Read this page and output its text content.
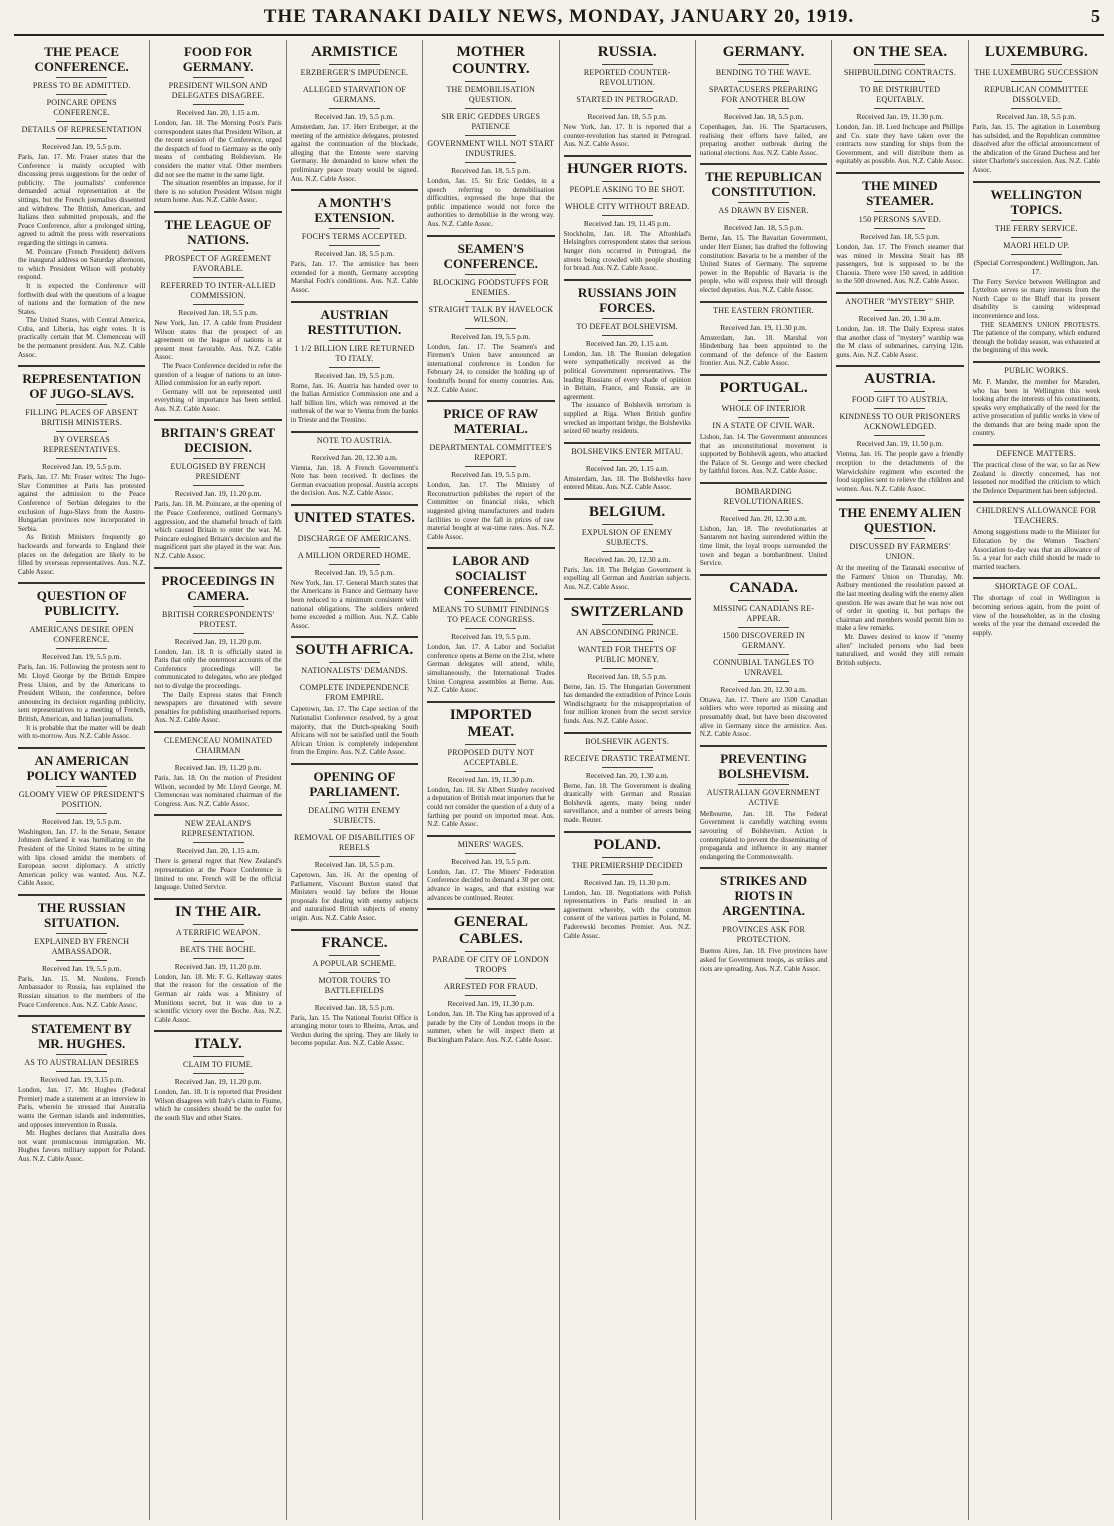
THE TARANAKI DAILY NEWS, MONDAY, JANUARY 20, 1919.	5
THE PEACE CONFERENCE.
PRESS TO BE ADMITTED.
POINCARE OPENS CONFERENCE.
DETAILS OF REPRESENTATION
Received Jan. 19, 5.5 p.m.

Paris, Jan. 17. Mr. Fraser states that the Conference is mainly occupied with discussing press suggestions for the order of publicity. The journalists' conference demanded actual representation at the sittings, but the French journalists dissented and withdrew. The British, American, and Italians then submitted proposals, and the Peace Conference, after a prolonged sitting, agreed to admit the press with reservations regarding the sittings in camera.

M. Poincare (French President) delivers the inaugural address on Saturday afternoon, to which President Wilson will probably respond.

It is expected the Conference will forthwith deal with the questions of a league of nations and the formation of the new States.

The United States, with Central America, Cuba, and Liberia, has eight votes. It is practically certain that M. Clemenceau will be the permanent president. Aus. N.Z. Cable Assoc.

REPRESENTATION OF JUGO-SLAVS.
FILLING PLACES OF ABSENT BRITISH MINISTERS.
BY OVERSEAS REPRESENTATIVES.
Received Jan. 19, 5.5 p.m.

Paris, Jan. 17. Mr. Fraser writes: The Jugo-Slav Committee at Paris has protested against the admission to the Peace Conference of Serbian delegates to the exclusion of Jugo-Slavs from the Austro-Hungarian provinces now incorporated in Serbia.

As British Ministers frequently go backwards and forwards to England their places on the delegation are likely to be filled by overseas representatives. Aus. N.Z. Cable Assoc.

QUESTION OF PUBLICITY.
AMERICANS DESIRE OPEN CONFERENCE.
Received Jan. 19, 5.5 p.m.

Paris, Jan. 16. Following the protests sent to Mr. Lloyd George by the British Empire Press Union, and by the Americans to President Wilson, the conference, before announcing its decision regarding publicity, sent representatives to a meeting of French, British, American, and Italian journalists.

It is probable that the matter will be dealt with to-morrow. Aus. N.Z. Cable Assoc.

AN AMERICAN POLICY WANTED
GLOOMY VIEW OF PRESIDENT'S POSITION.
Received Jan. 19, 5.5 p.m.

Washington, Jan. 17. In the Senate, Senator Johnson declared it was humiliating to the President of the United States to be sitting with lips closed amidst the members of European secret diplomacy. A strictly American policy was wanted. Aus. N.Z. Cable Assoc.

THE RUSSIAN SITUATION.
EXPLAINED BY FRENCH AMBASSADOR.
Received Jan. 19, 5.5 p.m.

Paris, Jan. 15. M. Noulens, French Ambassador to Russia, has explained the Russian situation to the members of the Peace Conference. Aus. N.Z. Cable Assoc.

STATEMENT BY MR. HUGHES.
AS TO AUSTRALIAN DESIRES
Received Jan. 19, 3.15 p.m.

London, Jan. 17. Mr. Hughes (Federal Premier) made a statement at an interview in Paris, wherein he stressed that Australia wants the German islands and indemnities, and opposes intervention in Russia.

Mr. Hughes declares that Australia does not want promiscuous immigration. Mr. Hughes favors military support for Poland. Aus. N.Z. Cable Assoc.

FOOD FOR GERMANY.
PRESIDENT WILSON AND DELEGATES DISAGREE.
Received Jan. 20, 1.15 a.m.

London, Jan. 18. The Morning Post's Paris correspondent states that President Wilson, at the recent session of the Conference, urged the despatch of food to Germany as the only means of combating Bolshevism. He considers the matter vital. Other members did not see the matter in the same light.

The situation resembles an impasse, for if there is no solution President Wilson might return home. Aus. N.Z. Cable Assoc.

THE LEAGUE OF NATIONS.
PROSPECT OF AGREEMENT FAVORABLE.
REFERRED TO INTER-ALLIED COMMISSION.
Received Jan. 18, 5.5 p.m.

New York, Jan. 17. A cable from President Wilson states that the prospect of an agreement on the league of nations is at present most favorable. Aus. N.Z. Cable Assoc.

The Peace Conference decided to refer the question of a league of nations to an inter-Allied commission for an early report.

Germany will not be represented until everything of importance has been settled. Aus. N.Z. Cable Assoc.

BRITAIN'S GREAT DECISION.
EULOGISED BY FRENCH PRESIDENT
Received Jan. 19, 11.20 p.m.

Paris, Jan. 18. M. Poincare, at the opening of the Peace Conference, outlined Germany's aggression, and the shameful breach of faith which caused Britain to enter the war. M. Poincare eulogised Britain's decision and the magnificent part she played in the war. Aus. N.Z. Cable Assoc.

PROCEEDINGS IN CAMERA.
BRITISH CORRESPONDENTS' PROTEST.
Received Jan. 19, 11.20 p.m.

London, Jan. 18. It is officially stated in Paris that only the outermost accounts of the Conference proceedings will be communicated to delegates, who are pledged not to divulge the proceedings.

The Daily Express states that French newspapers are threatened with severe penalties for publishing unauthorised reports. Aus. N.Z. Cable Assoc.

CLEMENCEAU NOMINATED CHAIRMAN
Received Jan. 19, 11.20 p.m.

Paris, Jan. 18. On the motion of President Wilson, seconded by Mr. Lloyd George, M. Clemenceau was nominated chairman of the Congress. Aus. N.Z. Cable Assoc.

NEW ZEALAND'S REPRESENTATION.
Received Jan. 20, 1.15 a.m.

There is general regret that New Zealand's representation at the Peace Conference is limited to one. French will be the official language. United Service.

IN THE AIR.
A TERRIFIC WEAPON.
BEATS THE BOCHE.
Received Jan. 19, 11.20 p.m.

London, Jan. 18. Mr. F. G. Kellaway states that the reason for the cessation of the German air raids was a Ministry of Munitions secret, but it was due to a scientific victory over the Boche. Aus. N.Z. Cable Assoc.

ITALY.
CLAIM TO FIUME.
Received Jan. 19, 11.20 p.m.

London, Jan. 18. It is reported that President Wilson disagrees with Italy's claim to Fiume, which he considers should be the outlet for the south Slav and other States.

ARMISTICE
ERZBERGER'S IMPUDENCE.
ALLEGED STARVATION OF GERMANS.
Received Jan. 19, 5.5 p.m.

Amsterdam, Jan. 17. Herr Erzberger, at the meeting of the armistice delegates, protested against the continuation of the blockade, alleging that the Entente were starving Germany. He demanded to know when the preliminary peace treaty would be signed. Aus. N.Z. Cable Assoc.

A MONTH'S EXTENSION.
FOCH'S TERMS ACCEPTED.
Received Jan. 18, 5.5 p.m.

Paris, Jan. 17. The armistice has been extended for a month, Germany accepting Marshal Foch's conditions. Aus. N.Z. Cable Assoc.

AUSTRIAN RESTITUTION.
1 1/2 BILLION LIRE RETURNED TO ITALY.
Received Jan. 19, 5.5 p.m.

Rome, Jan. 16. Austria has handed over to the Italian Armistice Commission one and a half billion lire, which was removed at the outbreak of the war to Vienna from the banks in Trieste and the Trentino.

NOTE TO AUSTRIA.
Received Jan. 20, 12.30 a.m.

Vienna, Jan. 18. A French Government's Note has been received. It declines the German evacuation proposal. Austria accepts the decision. Aus. N.Z. Cable Assoc.

UNITED STATES.
DISCHARGE OF AMERICANS.
A MILLION ORDERED HOME.
Received Jan. 19, 5.5 p.m.

New York, Jan. 17. General March states that the Americans in France and Germany have been reduced to a minimum consistent with national obligations. The soldiers ordered home exceeded a million. Aus. N.Z. Cable Assoc.

SOUTH AFRICA.
NATIONALISTS' DEMANDS.
COMPLETE INDEPENDENCE FROM EMPIRE.

Capetown, Jan. 17. The Cape section of the Nationalist Conference resolved, by a great majority, that the Dutch-speaking South Africans will not be satisfied until the South African Union is completely independent from the Empire. Aus. N.Z. Cable Assoc.

OPENING OF PARLIAMENT.
DEALING WITH ENEMY SUBJECTS.
REMOVAL OF DISABILITIES OF REBELS
Received Jan. 18, 5.5 p.m.

Capetown, Jan. 16. At the opening of Parliament, Viscount Buxton stated that Ministers would lay before the House proposals for dealing with enemy subjects and naturalised British subjects of enemy origin. Aus. N.Z. Cable Assoc.

FRANCE.
A POPULAR SCHEME.
MOTOR TOURS TO BATTLEFIELDS
Received Jan. 18, 5.5 p.m.

Paris, Jan. 15. The National Tourist Office is arranging motor tours to Rheims, Arras, and Verdun during the spring. They are likely to become popular. Aus. N.Z. Cable Assoc.

MOTHER COUNTRY.
THE DEMOBILISATION QUESTION.
SIR ERIC GEDDES URGES PATIENCE
GOVERNMENT WILL NOT START INDUSTRIES.
Received Jan. 18, 5.5 p.m.

London, Jan. 15. Sir Eric Geddes, in a speech referring to demobilisation difficulties, expressed the hope that the public impatience would not force the authorities to demobilise in the wrong way. Aus. N.Z. Cable Assoc.

SEAMEN'S CONFERENCE.
BLOCKING FOODSTUFFS FOR ENEMIES.
STRAIGHT TALK BY HAVELOCK WILSON.
Received Jan. 19, 5.5 p.m.

London, Jan. 17. The Seamen's and Firemen's Union have announced an international conference in London for February 24, to consider the holding up of foodstuffs bound for enemy countries. Aus. N.Z. Cable Assoc.

PRICE OF RAW MATERIAL.
DEPARTMENTAL COMMITTEE'S REPORT.
Received Jan. 19, 5.5 p.m.

London, Jan. 17. The Ministry of Reconstruction publishes the report of the Committee on financial risks, which suggested giving manufacturers and traders facilities to cover the fall in prices of raw material bought at war-time rates. Aus. N.Z. Cable Assoc.

LABOR AND SOCIALIST CONFERENCE.
MEANS TO SUBMIT FINDINGS TO PEACE CONGRESS.
Received Jan. 19, 5.5 p.m.

London, Jan. 17. A Labor and Socialist conference opens at Berne on the 21st, where German delegates will attend, while, simultaneously, the International Trades Union Congress assembles at Berne. Aus. N.Z. Cable Assoc.

IMPORTED MEAT.
PROPOSED DUTY NOT ACCEPTABLE.
Received Jan. 19, 11.30 p.m.

London, Jan. 18. Sir Albert Stanley received a deputation of British meat importers that he could not consider the question of a duty of a farthing per pound on imported meat. Aus. N.Z. Cable Assoc.

MINERS' WAGES.
Received Jan. 19, 5.5 p.m.

London, Jan. 17. The Miners' Federation Conference decided to demand a 30 per cent. advance in wages, and that existing war advances be continued. Reuter.

GENERAL CABLES.
PARADE OF CITY OF LONDON TROOPS
ARRESTED FOR FRAUD.
Received Jan. 19, 11.30 p.m.

London, Jan. 18. The King has approved of a parade by the City of London troops in the summer, when he will inspect them at Buckingham Palace. Aus. N.Z. Cable Assoc.

RUSSIA.
REPORTED COUNTER-REVOLUTION.
STARTED IN PETROGRAD.
Received Jan. 18, 5.5 p.m.

New York, Jan. 17. It is reported that a counter-revolution has started in Petrograd. Aus. N.Z. Cable Assoc.

HUNGER RIOTS.
PEOPLE ASKING TO BE SHOT.
WHOLE CITY WITHOUT BREAD.
Received Jan. 19, 11.45 p.m.

Stockholm, Jan. 18. The Aftonblad's Helsingfors correspondent states that serious hunger riots occurred in Petrograd, the streets being crowded with people shouting for bread. Aus. N.Z. Cable Assoc.

RUSSIANS JOIN FORCES.
TO DEFEAT BOLSHEVISM.
Received Jan. 20, 1.15 a.m.

London, Jan. 18. The Russian delegation were sympathetically received as the political Government representatives. The leading Russians of every shade of opinion in Britain, France, and Russia, are in agreement.

The issuance of Bolshevik terrorism is supplied at Riga. When British gunfire wrecked an important bridge, the Bolsheviks seized 60 nearby residents.

BOLSHEVIKS ENTER MITAU.
Received Jan. 20, 1.15 a.m.

Amsterdam, Jan. 18. The Bolsheviks have entered Mitau. Aus. N.Z. Cable Assoc.

BELGIUM.
EXPULSION OF ENEMY SUBJECTS.
Received Jan. 20, 12.30 a.m.

Paris, Jan. 18. The Belgian Government is expelling all German and Austrian subjects. Aus. N.Z. Cable Assoc.

SWITZERLAND
AN ABSCONDING PRINCE.
WANTED FOR THEFTS OF PUBLIC MONEY.
Received Jan. 18, 5.5 p.m.

Berne, Jan. 15. The Hungarian Government has demanded the extradition of Prince Louis Windischgraetz for the misappropriation of four million kronen from the secret service funds. Aus. N.Z. Cable Assoc.

BOLSHEVIK AGENTS.
RECEIVE DRASTIC TREATMENT.
Received Jan. 20, 1.30 a.m.

Berne, Jan. 18. The Government is dealing drastically with German and Russian Bolshevik agents, many being under surveillance, and a number of arrests being made. Reuter.

POLAND.
THE PREMIERSHIP DECIDED
Received Jan. 19, 11.30 p.m.

London, Jan. 18. Negotiations with Polish representatives in Paris resulted in an agreement whereby, with the common consent of the various parties in Poland, M. Paderewski becomes Premier. Aus. N.Z. Cable Assoc.

GERMANY.
BENDING TO THE WAVE.
SPARTACUSERS PREPARING FOR ANOTHER BLOW
Received Jan. 18, 5.5 p.m.

Copenhagen, Jan. 16. The Spartacusers, realising their efforts have failed, are preparing another outbreak during the national elections. Aus. N.Z. Cable Assoc.

THE REPUBLICAN CONSTITUTION.
AS DRAWN BY EISNER.
Received Jan. 18, 5.5 p.m.

Berne, Jan. 15. The Bavarian Government, under Herr Eisner, has drafted the following constitution: Bavaria to be a member of the United States of Germany. The supreme power in the Republic of Bavaria is the people, who will express their will through elected deputies. Aus. N.Z. Cable Assoc.

THE EASTERN FRONTIER.
Received Jan. 19, 11.30 p.m.

Amsterdam, Jan. 18. Marshal von Hindenburg has been appointed to the command of the defence of the Eastern frontier. Aus. N.Z. Cable Assoc.

PORTUGAL.
WHOLE OF INTERIOR
IN A STATE OF CIVIL WAR.

Lisbon, Jan. 14. The Government announces that an unconstitutional movement is supported by Bolshevik agents, who attacked the Palace of St. George and were checked by faithful forces. Aus. N.Z. Cable Assoc.

BOMBARDING REVOLUTIONARIES.
Received Jan. 20, 12.30 a.m.

Lisbon, Jan. 18. The revolutionaries at Santarem not having surrendered within the time limit, the loyal troops surrounded the town and began a bombardment. United Service.

CANADA.
MISSING CANADIANS RE-APPEAR.
1500 DISCOVERED IN GERMANY.
CONNUBIAL TANGLES TO UNRAVEL
Received Jan. 20, 12.30 a.m.

Ottawa, Jan. 17. There are 1500 Canadian soldiers who were reported as missing and presumably dead, but have been discovered alive in Germany since the armistice. Aus. N.Z. Cable Assoc.

PREVENTING BOLSHEVISM.
AUSTRALIAN GOVERNMENT ACTIVE

Melbourne, Jan. 18. The Federal Government is carefully watching events savouring of Bolshevism. Action is contemplated to prevent the disseminating of propaganda and influence in any manner endangering the Commonwealth.

STRIKES AND RIOTS IN ARGENTINA.
PROVINCES ASK FOR PROTECTION.

Buenos Aires, Jan. 18. Five provinces have asked for Government troops, as strikes and riots are spreading. Aus. N.Z. Cable Assoc.

ON THE SEA.
SHIPBUILDING CONTRACTS.
TO BE DISTRIBUTED EQUITABLY.
Received Jan. 19, 11.30 p.m.

London, Jan. 18. Lord Inchcape and Phillips and Co. state they have taken over the contracts now standing for ships from the Government, and will distribute them as equitably as possible. Aus. N.Z. Cable Assoc.

THE MINED STEAMER.
150 PERSONS SAVED.
Received Jan. 18, 5.5 p.m.

London, Jan. 17. The French steamer that was mined in Messina Strait has 88 passengers, but is supposed to be the Chaouia. There were 150 saved, in addition to the 500 drowned. Aus. N.Z. Cable Assoc.

ANOTHER "MYSTERY" SHIP.
Received Jan. 20, 1.30 a.m.

London, Jan. 18. The Daily Express states that another class of "mystery" warship was the M class of submarines, carrying 12in. guns. Aus. N.Z. Cable Assoc.

AUSTRIA.
FOOD GIFT TO AUSTRIA.
KINDNESS TO OUR PRISONERS ACKNOWLEDGED.
Received Jan. 19, 11.50 p.m.

Vienna, Jan. 16. The people gave a friendly reception to the detachments of the Warwickshire regiment who escorted the food supplies sent to relieve the children and women. Aus. N.Z. Cable Assoc.

THE ENEMY ALIEN QUESTION.
DISCUSSED BY FARMERS' UNION.

At the meeting of the Taranaki executive of the Farmers' Union on Thursday, Mr. Astbury mentioned the resolution passed at the last meeting dealing with the enemy alien question. He was aware that he was now out of order in quoting it, but perhaps the chairman and members would permit him to make a few remarks.

Mr. Dawes desired to know if "enemy alien" included persons who had been naturalised, and would they still remain British subjects.

LUXEMBURG.
THE LUXEMBURG SUCCESSION
REPUBLICAN COMMITTEE DISSOLVED.
Received Jan. 18, 5.5 p.m.

Paris, Jan. 15. The agitation in Luxemburg has subsided, and the Republican committee dissolved after the official announcement of the abdication of the Grand Duchess and her sister Charlotte's succession. Aus. N.Z. Cable Assoc.

WELLINGTON TOPICS.
THE FERRY SERVICE.
MAORI HELD UP.
(Special Correspondent.) Wellington, Jan. 17.

The Ferry Service between Wellington and Lyttelton serves so many interests from the North Cape to the Bluff that its present disability is causing widespread inconvenience and loss.

THE SEAMEN'S UNION PROTESTS. The patience of the company, which endured through the holiday season, was exhausted at the beginning of this week.

PUBLIC WORKS.

Mr. F. Mander, the member for Marsden, who has been in Wellington this week looking after the interests of his constituents, speaks very emphatically of the need for the active prosecution of public works in view of the demands that are being made upon the country.

DEFENCE MATTERS.

The practical close of the war, so far as New Zealand is directly concerned, has not lessened nor modified the criticism to which the Defence Department has been subjected.

CHILDREN'S ALLOWANCE FOR TEACHERS.

Among suggestions made to the Minister for Education by the Women Teachers' Association to-day was that an allowance of 5s. a year for each child should be made to married teachers.

SHORTAGE OF COAL.

The shortage of coal in Wellington is becoming serious again, from the point of view of the householder, as in the closing weeks of the year the demand exceeded the supply.
